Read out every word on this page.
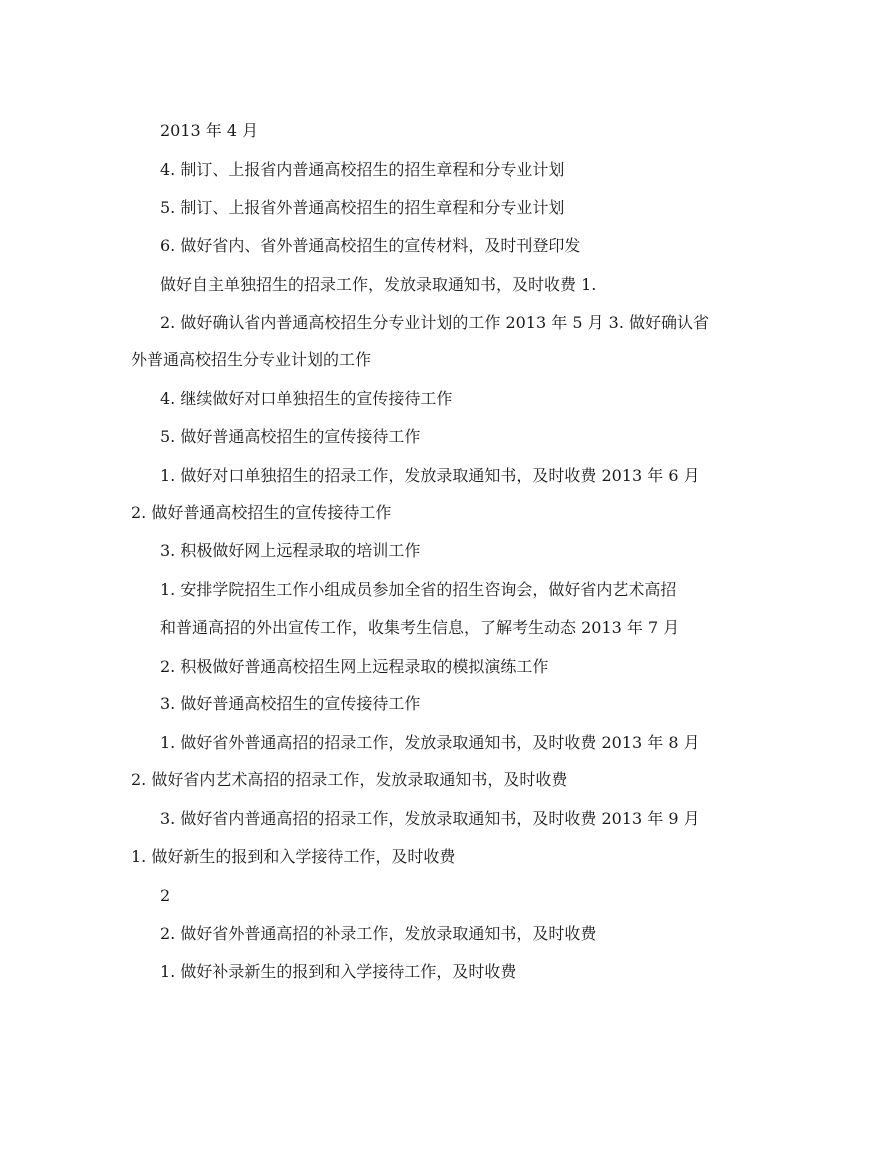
2013 年 4 月
4. 制订、上报省内普通高校招生的招生章程和分专业计划
5. 制订、上报省外普通高校招生的招生章程和分专业计划
6. 做好省内、省外普通高校招生的宣传材料，及时刊登印发
做好自主单独招生的招录工作，发放录取通知书，及时收费 1.
2. 做好确认省内普通高校招生分专业计划的工作 2013 年 5 月 3. 做好确认省
外普通高校招生分专业计划的工作
4. 继续做好对口单独招生的宣传接待工作
5. 做好普通高校招生的宣传接待工作
1. 做好对口单独招生的招录工作，发放录取通知书，及时收费 2013 年 6 月
2. 做好普通高校招生的宣传接待工作
3. 积极做好网上远程录取的培训工作
1. 安排学院招生工作小组成员参加全省的招生咨询会，做好省内艺术高招
和普通高招的外出宣传工作，收集考生信息，了解考生动态 2013 年 7 月
2. 积极做好普通高校招生网上远程录取的模拟演练工作
3. 做好普通高校招生的宣传接待工作
1. 做好省外普通高招的招录工作，发放录取通知书，及时收费 2013 年 8 月
2. 做好省内艺术高招的招录工作，发放录取通知书，及时收费
3. 做好省内普通高招的招录工作，发放录取通知书，及时收费 2013 年 9 月
1. 做好新生的报到和入学接待工作，及时收费
2
2. 做好省外普通高招的补录工作，发放录取通知书，及时收费
1. 做好补录新生的报到和入学接待工作，及时收费
